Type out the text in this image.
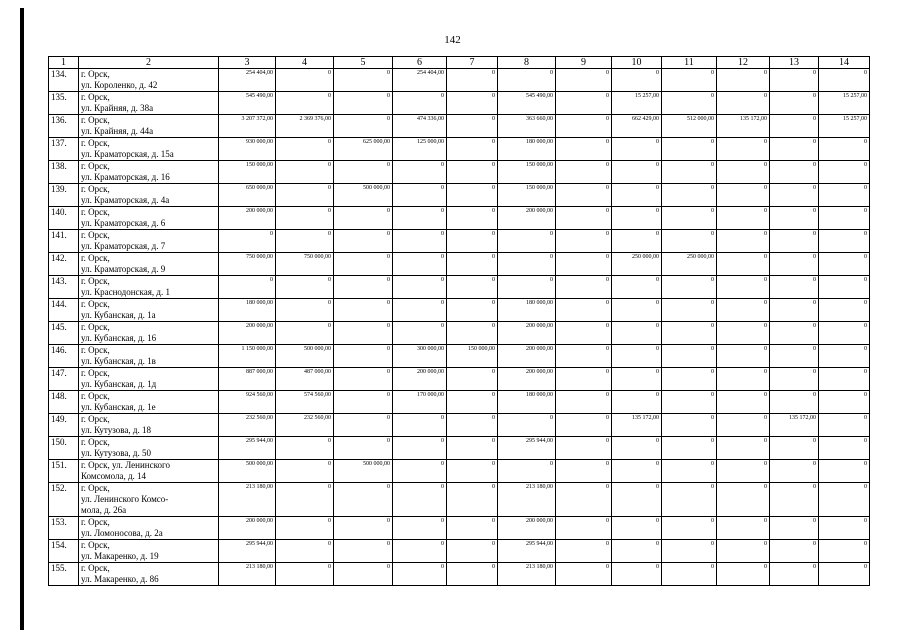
142
1	2	3	4	5	6	7	8	9	10	11	12	13	14
134.	г. Орск,
ул. Короленко, д. 42	254 404,00	0	0	254 404,00	0	0	0	0	0	0	0	0
135.	г. Орск,
ул. Крайняя, д. 38а	545 490,00	0	0	0	0	545 490,00	0	15 257,00	0	0	0	15 257,00
136.	г. Орск,
ул. Крайняя, д. 44а	3 207 372,00	2 369 376,00	0	474 336,00	0	363 660,00	0	662 429,00	512 000,00	135 172,00	0	15 257,00
137.	г. Орск,
ул. Краматорская, д. 15а	930 000,00	0	625 000,00	125 000,00	0	180 000,00	0	0	0	0	0	0
138.	г. Орск,
ул. Краматорская, д. 16	150 000,00	0	0	0	0	150 000,00	0	0	0	0	0	0
139.	г. Орск,
ул. Краматорская, д. 4а	650 000,00	0	500 000,00	0	0	150 000,00	0	0	0	0	0	0
140.	г. Орск,
ул. Краматорская, д. 6	200 000,00	0	0	0	0	200 000,00	0	0	0	0	0	0
141.	г. Орск,
ул. Краматорская, д. 7	0	0	0	0	0	0	0	0	0	0	0	0
142.	г. Орск,
ул. Краматорская, д. 9	750 000,00	750 000,00	0	0	0	0	0	250 000,00	250 000,00	0	0	0
143.	г. Орск,
ул. Краснодонская, д. 1	0	0	0	0	0	0	0	0	0	0	0	0
144.	г. Орск,
ул. Кубанская, д. 1а	180 000,00	0	0	0	0	180 000,00	0	0	0	0	0	0
145.	г. Орск,
ул. Кубанская, д. 16	200 000,00	0	0	0	0	200 000,00	0	0	0	0	0	0
146.	г. Орск,
ул. Кубанская, д. 1в	1 150 000,00	500 000,00	0	300 000,00	150 000,00	200 000,00	0	0	0	0	0	0
147.	г. Орск,
ул. Кубанская, д. 1д	887 000,00	487 000,00	0	200 000,00	0	200 000,00	0	0	0	0	0	0
148.	г. Орск,
ул. Кубанская, д. 1е	924 560,00	574 560,00	0	170 000,00	0	180 000,00	0	0	0	0	0	0
149.	г. Орск,
ул. Кутузова, д. 18	232 560,00	232 560,00	0	0	0	0	0	135 172,00	0	0	135 172,00	0
150.	г. Орск,
ул. Кутузова, д. 50	295 944,00	0	0	0	0	295 944,00	0	0	0	0	0	0
151.	г. Орск, ул. Ленинского
Комсомола, д. 14	500 000,00	0	500 000,00	0	0	0	0	0	0	0	0	0
152.	г. Орск,
ул. Ленинского Комсо-
мола, д. 26а	213 180,00	0	0	0	0	213 180,00	0	0	0	0	0	0
153.	г. Орск,
ул. Ломоносова, д. 2а	200 000,00	0	0	0	0	200 000,00	0	0	0	0	0	0
154.	г. Орск,
ул. Макаренко, д. 19	295 944,00	0	0	0	0	295 944,00	0	0	0	0	0	0
155.	г. Орск,
ул. Макаренко, д. 86	213 180,00	0	0	0	0	213 180,00	0	0	0	0	0	0
